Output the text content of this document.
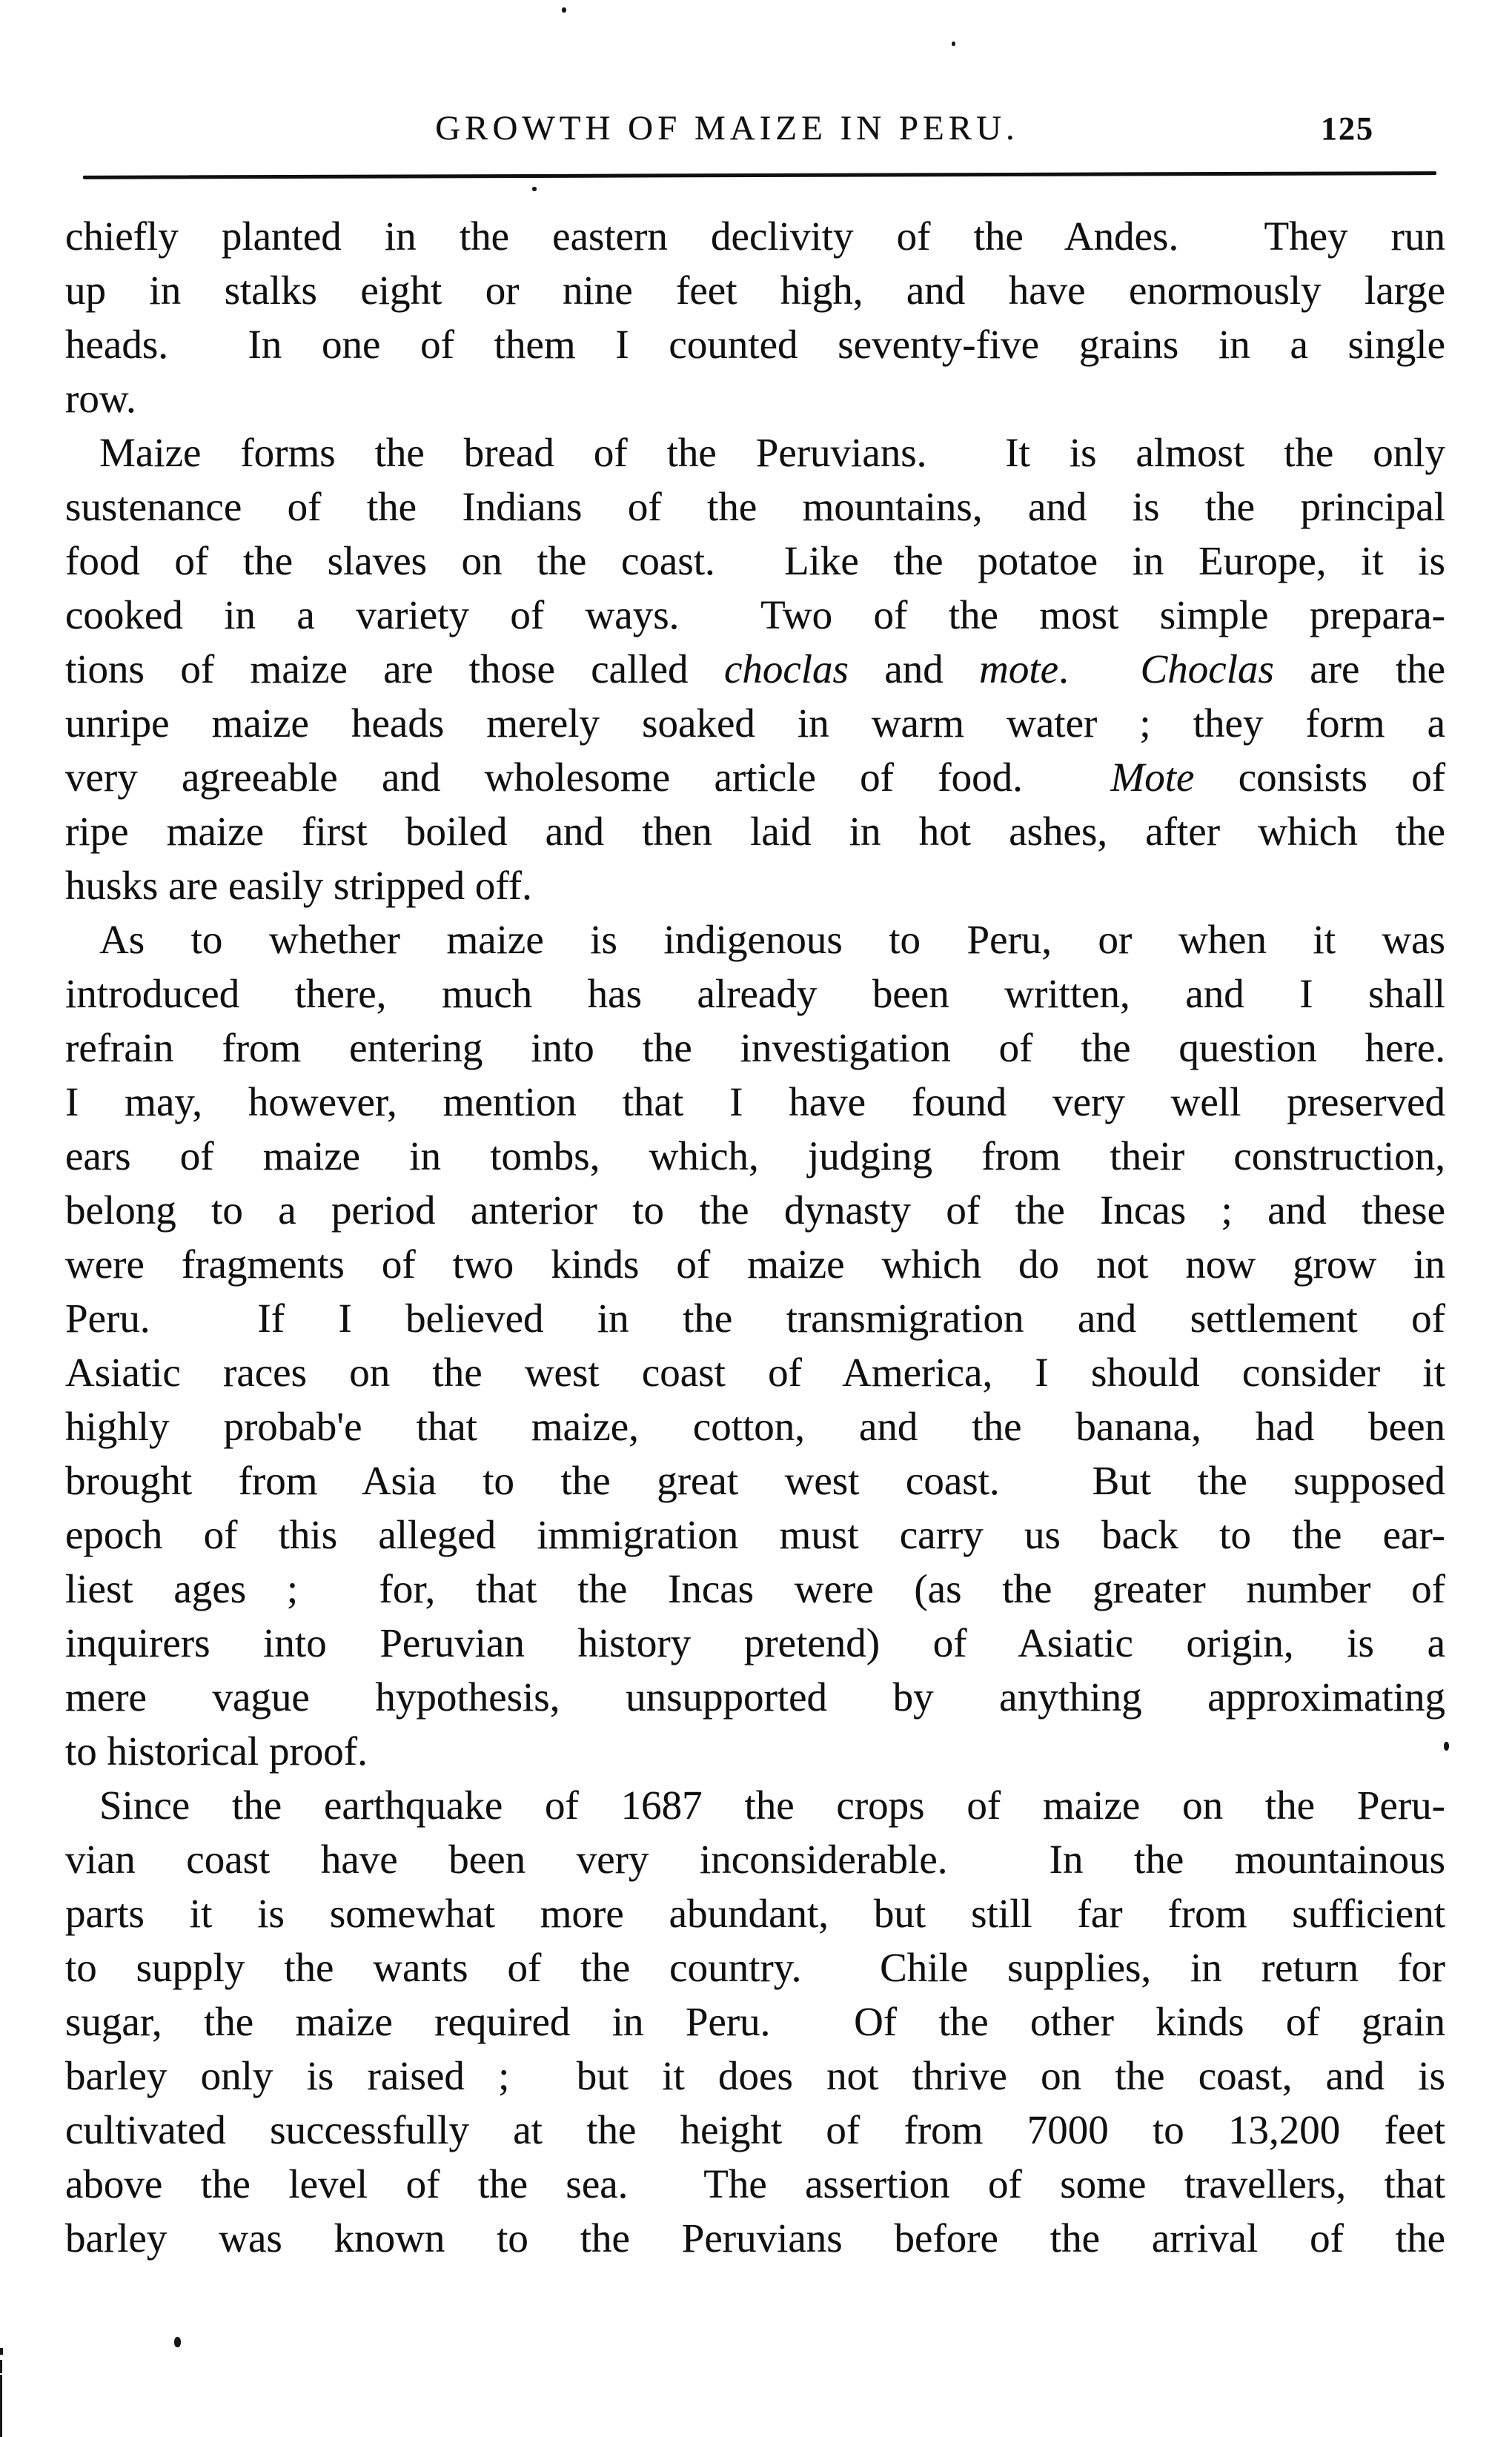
GROWTH OF MAIZE IN PERU.	125
chiefly planted in the eastern declivity of the Andes.  They run
up in stalks eight or nine feet high, and have enormously large
heads.  In one of them I counted seventy-five grains in a single
row.
Maize forms the bread of the Peruvians.  It is almost the only
sustenance of the Indians of the mountains, and is the principal
food of the slaves on the coast.  Like the potatoe in Europe, it is
cooked in a variety of ways.  Two of the most simple prepara-
tions of maize are those called choclas and mote.  Choclas are the
unripe maize heads merely soaked in warm water ; they form a
very agreeable and wholesome article of food.  Mote consists of
ripe maize first boiled and then laid in hot ashes, after which the
husks are easily stripped off.
As to whether maize is indigenous to Peru, or when it was
introduced there, much has already been written, and I shall
refrain from entering into the investigation of the question here.
I may, however, mention that I have found very well preserved
ears of maize in tombs, which, judging from their construction,
belong to a period anterior to the dynasty of the Incas ; and these
were fragments of two kinds of maize which do not now grow in
Peru.  If I believed in the transmigration and settlement of
Asiatic races on the west coast of America, I should consider it
highly probab'e that maize, cotton, and the banana, had been
brought from Asia to the great west coast.  But the supposed
epoch of this alleged immigration must carry us back to the ear-
liest ages ;  for, that the Incas were (as the greater number of
inquirers into Peruvian history pretend) of Asiatic origin, is a
mere vague hypothesis, unsupported by anything approximating
to historical proof.
Since the earthquake of 1687 the crops of maize on the Peru-
vian coast have been very inconsiderable.  In the mountainous
parts it is somewhat more abundant, but still far from sufficient
to supply the wants of the country.  Chile supplies, in return for
sugar, the maize required in Peru.  Of the other kinds of grain
barley only is raised ;  but it does not thrive on the coast, and is
cultivated successfully at the height of from 7000 to 13,200 feet
above the level of the sea.  The assertion of some travellers, that
barley was known to the Peruvians before the arrival of the
